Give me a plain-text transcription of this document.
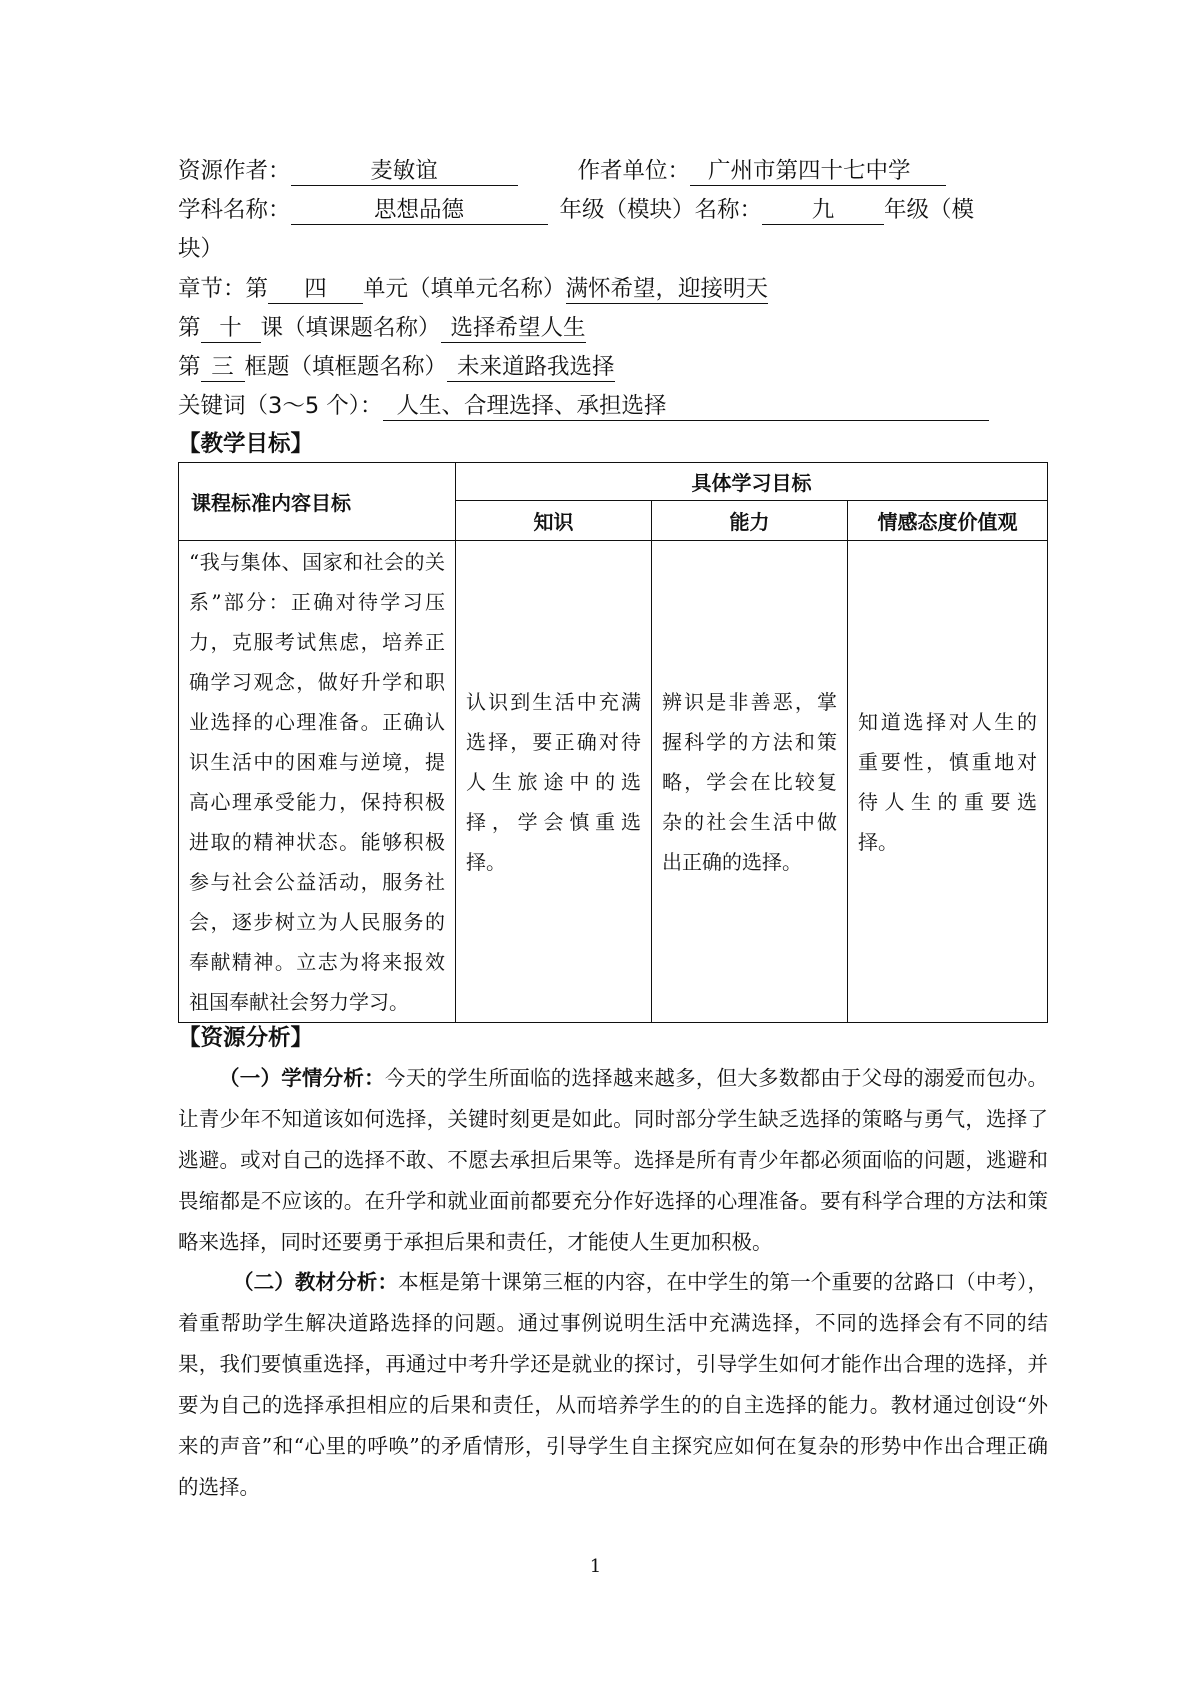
资源作者：	麦敏谊	作者单位： 广州市第四十七中学
学科名称：	思想品德	年级（模块）名称： 九 年级（模
块）
章节：第 四 单元（填单元名称）满怀希望，迎接明天
第 十 课（填课题名称） 选择希望人生
第 三 框题（填框题名称） 未来道路我选择
关键词（3～5 个）： 人生、合理选择、承担选择
【教学目标】
课程标准内容目标	具体学习目标		
	知识	能力	情感态度价值观
“我与集体、国家和社会的关系”部分：正确对待学习压力，克服考试焦虑，培养正确学习观念，做好升学和职业选择的心理准备。正确认识生活中的困难与逆境，提高心理承受能力，保持积极进取的精神状态。能够积极参与社会公益活动，服务社会，逐步树立为人民服务的奉献精神。立志为将来报效祖国奉献社会努力学习。	认识到生活中充满选择，要正确对待人生旅途中的选择，学会慎重选择。	辨识是非善恶，掌握科学的方法和策略，学会在比较复杂的社会生活中做出正确的选择。	知道选择对人生的重要性，慎重地对待人生的重要选择。
【资源分析】
（一）学情分析：今天的学生所面临的选择越来越多，但大多数都由于父母的溺爱而包办。让青少年不知道该如何选择，关键时刻更是如此。同时部分学生缺乏选择的策略与勇气，选择了逃避。或对自己的选择不敢、不愿去承担后果等。选择是所有青少年都必须面临的问题，逃避和畏缩都是不应该的。在升学和就业面前都要充分作好选择的心理准备。要有科学合理的方法和策略来选择，同时还要勇于承担后果和责任，才能使人生更加积极。
（二）教材分析：本框是第十课第三框的内容，在中学生的第一个重要的岔路口（中考），着重帮助学生解决道路选择的问题。通过事例说明生活中充满选择，不同的选择会有不同的结果，我们要慎重选择，再通过中考升学还是就业的探讨，引导学生如何才能作出合理的选择，并要为自己的选择承担相应的后果和责任，从而培养学生的的自主选择的能力。教材通过创设“外来的声音”和“心里的呼唤”的矛盾情形，引导学生自主探究应如何在复杂的形势中作出合理正确的选择。
1
